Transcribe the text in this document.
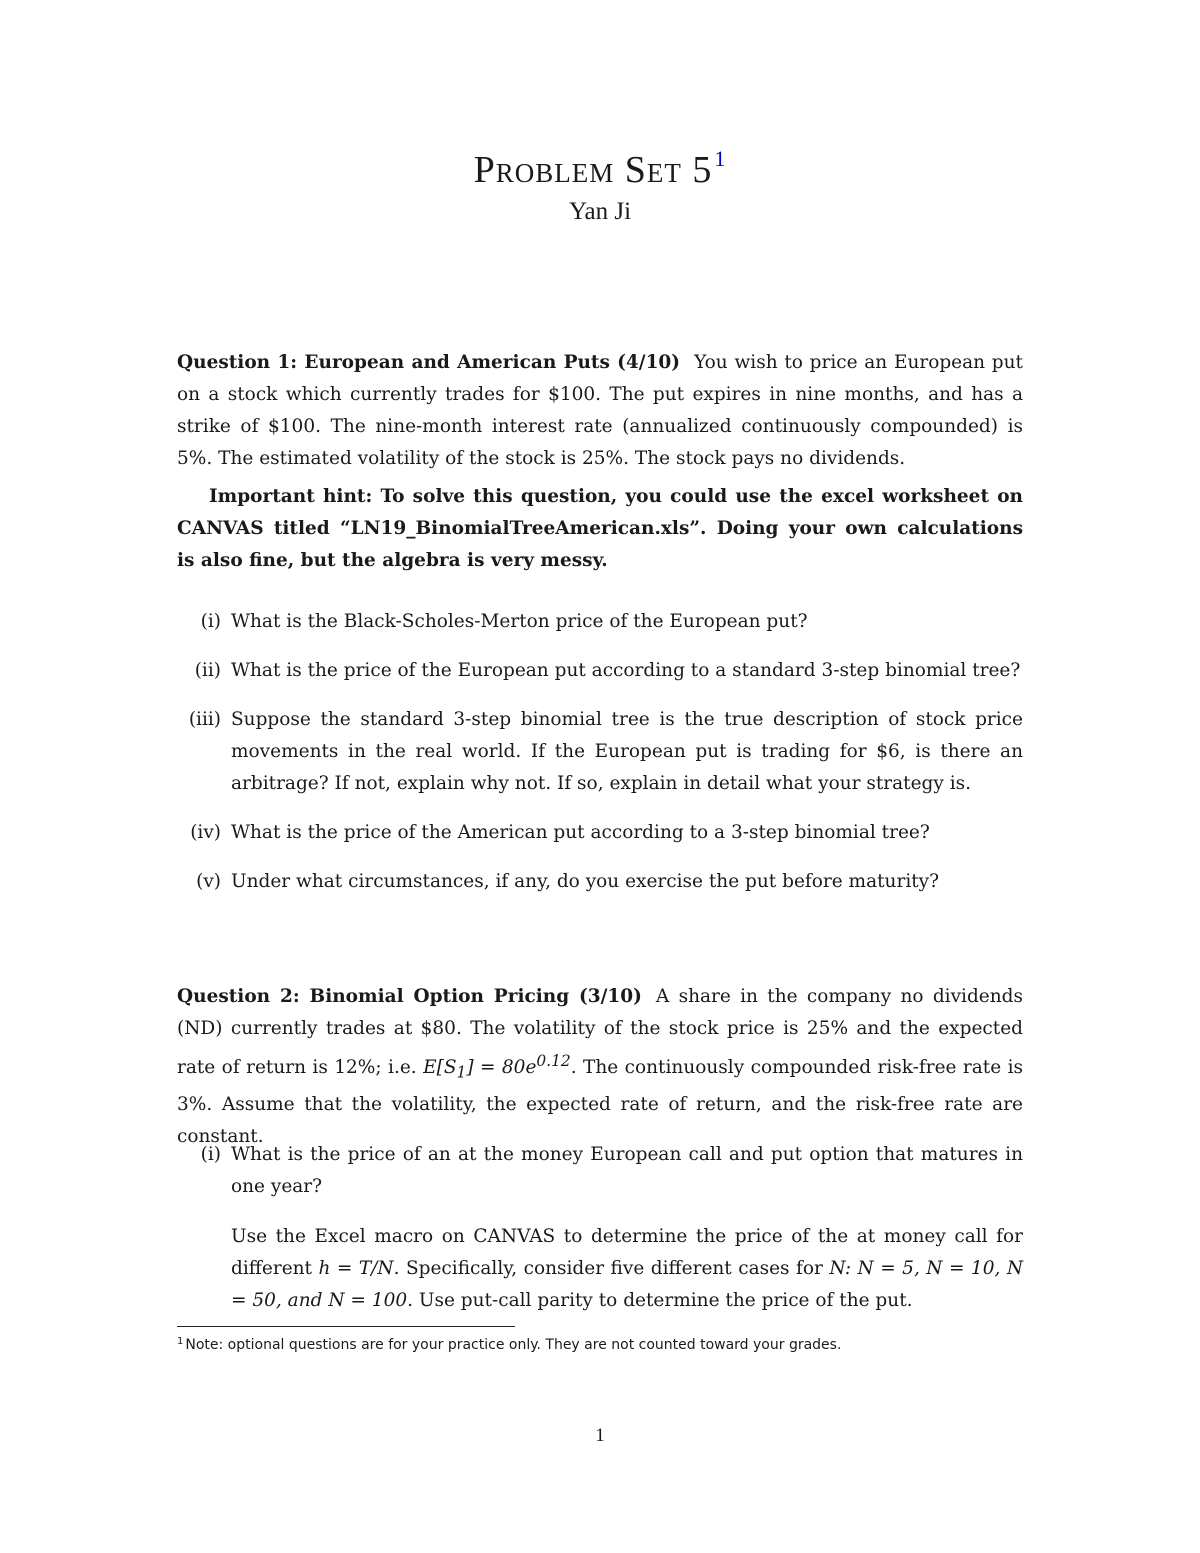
Problem Set $5^1$
Yan Ji
Question 1: European and American Puts (4/10) You wish to price an European put on a stock which currently trades for $100. The put expires in nine months, and has a strike of $100. The nine-month interest rate (annualized continuously compounded) is 5%. The estimated volatility of the stock is 25%. The stock pays no dividends.
Important hint: To solve this question, you could use the excel worksheet on CANVAS titled “LN19_BinomialTreeAmerican.xls”. Doing your own calculations is also fine, but the algebra is very messy.
(i) What is the Black-Scholes-Merton price of the European put?
(ii) What is the price of the European put according to a standard 3-step binomial tree?
(iii) Suppose the standard 3-step binomial tree is the true description of stock price movements in the real world. If the European put is trading for $6, is there an arbitrage? If not, explain why not. If so, explain in detail what your strategy is.
(iv) What is the price of the American put according to a 3-step binomial tree?
(v) Under what circumstances, if any, do you exercise the put before maturity?
Question 2: Binomial Option Pricing (3/10) A share in the company no dividends (ND) currently trades at $80. The volatility of the stock price is 25% and the expected rate of return is 12%; i.e. $E[S_1] = 80e^{0.12}$. The continuously compounded risk-free rate is 3%. Assume that the volatility, the expected rate of return, and the risk-free rate are constant.
(i) What is the price of an at the money European call and put option that matures in one year?
Use the Excel macro on CANVAS to determine the price of the at money call for different h = T/N. Specifically, consider five different cases for N: N = 5, N = 10, N = 50, and N = 100. Use put-call parity to determine the price of the put.
$^1$ Note: optional questions are for your practice only. They are not counted toward your grades.
1
